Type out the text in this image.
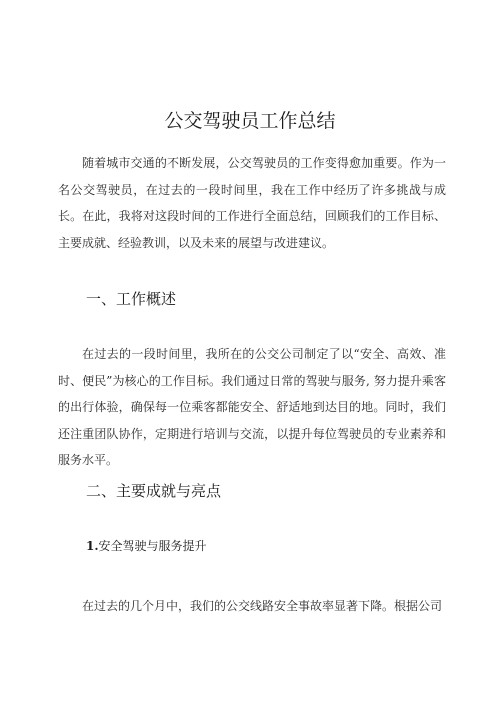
公交驾驶员工作总结

随着城市交通的不断发展，公交驾驶员的工作变得愈加重要。作为一名公交驾驶员，在过去的一段时间里，我在工作中经历了许多挑战与成长。在此，我将对这段时间的工作进行全面总结，回顾我们的工作目标、主要成就、经验教训，以及未来的展望与改进建议。

一、工作概述

在过去的一段时间里，我所在的公交公司制定了以“安全、高效、准时、便民”为核心的工作目标。我们通过日常的驾驶与服务, 努力提升乘客的出行体验，确保每一位乘客都能安全、舒适地到达目的地。同时，我们还注重团队协作，定期进行培训与交流，以提升每位驾驶员的专业素养和服务水平。

二、主要成就与亮点
1.安全驾驶与服务提升

在过去的几个月中，我们的公交线路安全事故率显著下降。根据公司
